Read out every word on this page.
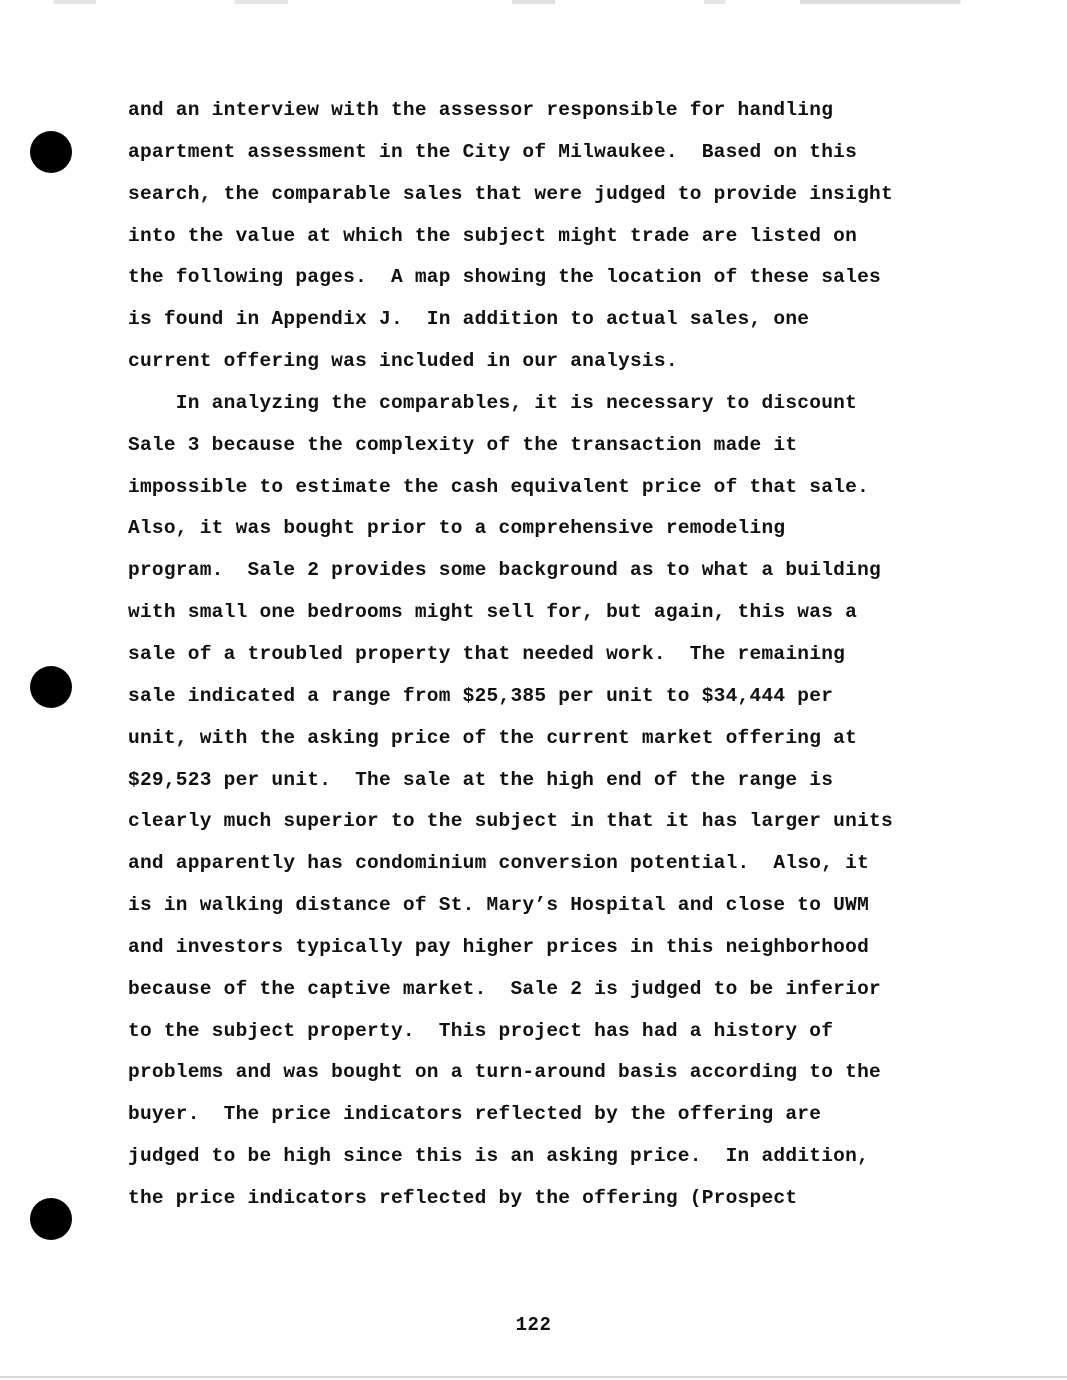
and an interview with the assessor responsible for handling
apartment assessment in the City of Milwaukee.  Based on this
search, the comparable sales that were judged to provide insight
into the value at which the subject might trade are listed on
the following pages.  A map showing the location of these sales
is found in Appendix J.  In addition to actual sales, one
current offering was included in our analysis.
In analyzing the comparables, it is necessary to discount
Sale 3 because the complexity of the transaction made it
impossible to estimate the cash equivalent price of that sale.
Also, it was bought prior to a comprehensive remodeling
program.  Sale 2 provides some background as to what a building
with small one bedrooms might sell for, but again, this was a
sale of a troubled property that needed work.  The remaining
sale indicated a range from $25,385 per unit to $34,444 per
unit, with the asking price of the current market offering at
$29,523 per unit.  The sale at the high end of the range is
clearly much superior to the subject in that it has larger units
and apparently has condominium conversion potential.  Also, it
is in walking distance of St. Mary’s Hospital and close to UWM
and investors typically pay higher prices in this neighborhood
because of the captive market.  Sale 2 is judged to be inferior
to the subject property.  This project has had a history of
problems and was bought on a turn-around basis according to the
buyer.  The price indicators reflected by the offering are
judged to be high since this is an asking price.  In addition,
the price indicators reflected by the offering (Prospect
122
